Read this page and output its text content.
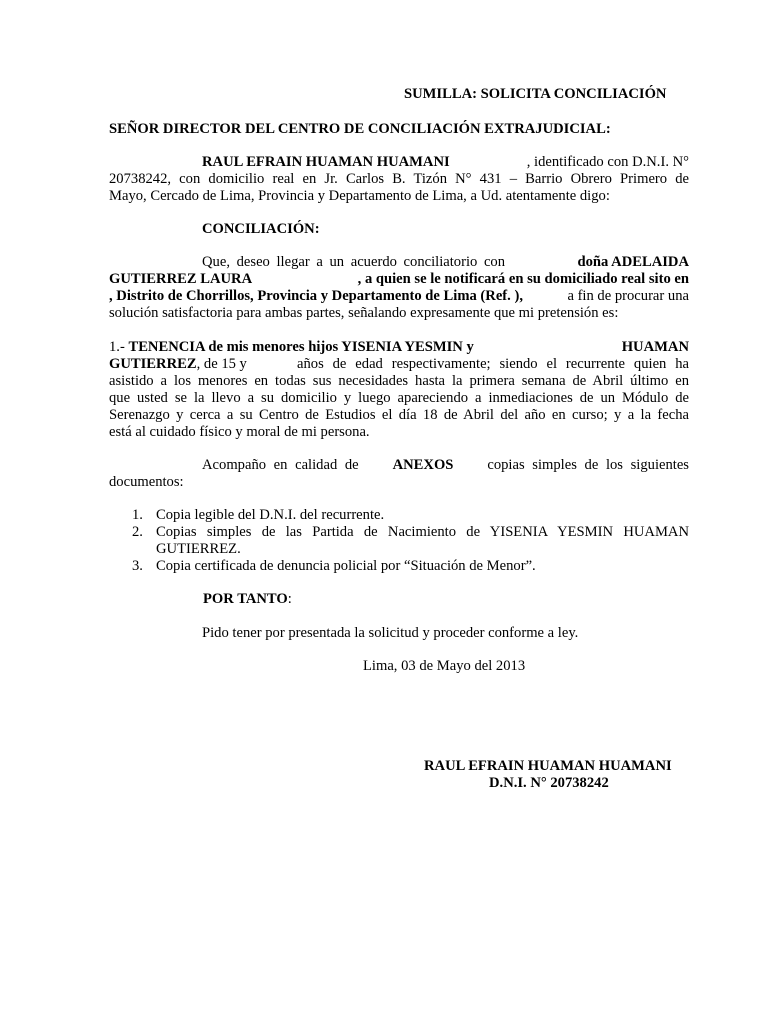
SUMILLA: SOLICITA CONCILIACIÓN
SEÑOR DIRECTOR DEL CENTRO DE CONCILIACIÓN EXTRAJUDICIAL:
RAUL EFRAIN HUAMAN HUAMANI	, identificado con D.N.I. N°
20738242, con domicilio real en Jr. Carlos B. Tizón N° 431 – Barrio Obrero Primero de
Mayo, Cercado de Lima, Provincia y Departamento de Lima, a Ud. atentamente digo:
CONCILIACIÓN:
Que, deseo llegar a un acuerdo conciliatorio con	doña ADELAIDA
GUTIERREZ LAURA	, a quien se le notificará en su domiciliado real sito en
, Distrito de Chorrillos, Provincia y Departamento de Lima (Ref. ),	a fin de procurar una
solución satisfactoria para ambas partes, señalando expresamente que mi pretensión es:
1.- TENENCIA de mis menores hijos YISENIA YESMIN y	HUAMAN
GUTIERREZ, de 15 y	años de edad respectivamente; siendo el recurrente quien ha
asistido a los menores en todas sus necesidades hasta la primera semana de Abril último en
que usted se la llevo a su domicilio y luego apareciendo a inmediaciones de un Módulo de
Serenazgo y cerca a su Centro de Estudios el día 18 de Abril del año en curso; y a la fecha
está al cuidado físico y moral de mi persona.
Acompaño en calidad de ANEXOS copias simples de los siguientes
documentos:
1. Copia legible del D.N.I. del recurrente.
2. Copias simples de las Partida de Nacimiento de YISENIA YESMIN HUAMAN
GUTIERREZ.
3. Copia certificada de denuncia policial por “Situación de Menor”.
POR TANTO:
Pido tener por presentada la solicitud y proceder conforme a ley.
Lima, 03 de Mayo del 2013
RAUL EFRAIN HUAMAN HUAMANI
D.N.I. N° 20738242
